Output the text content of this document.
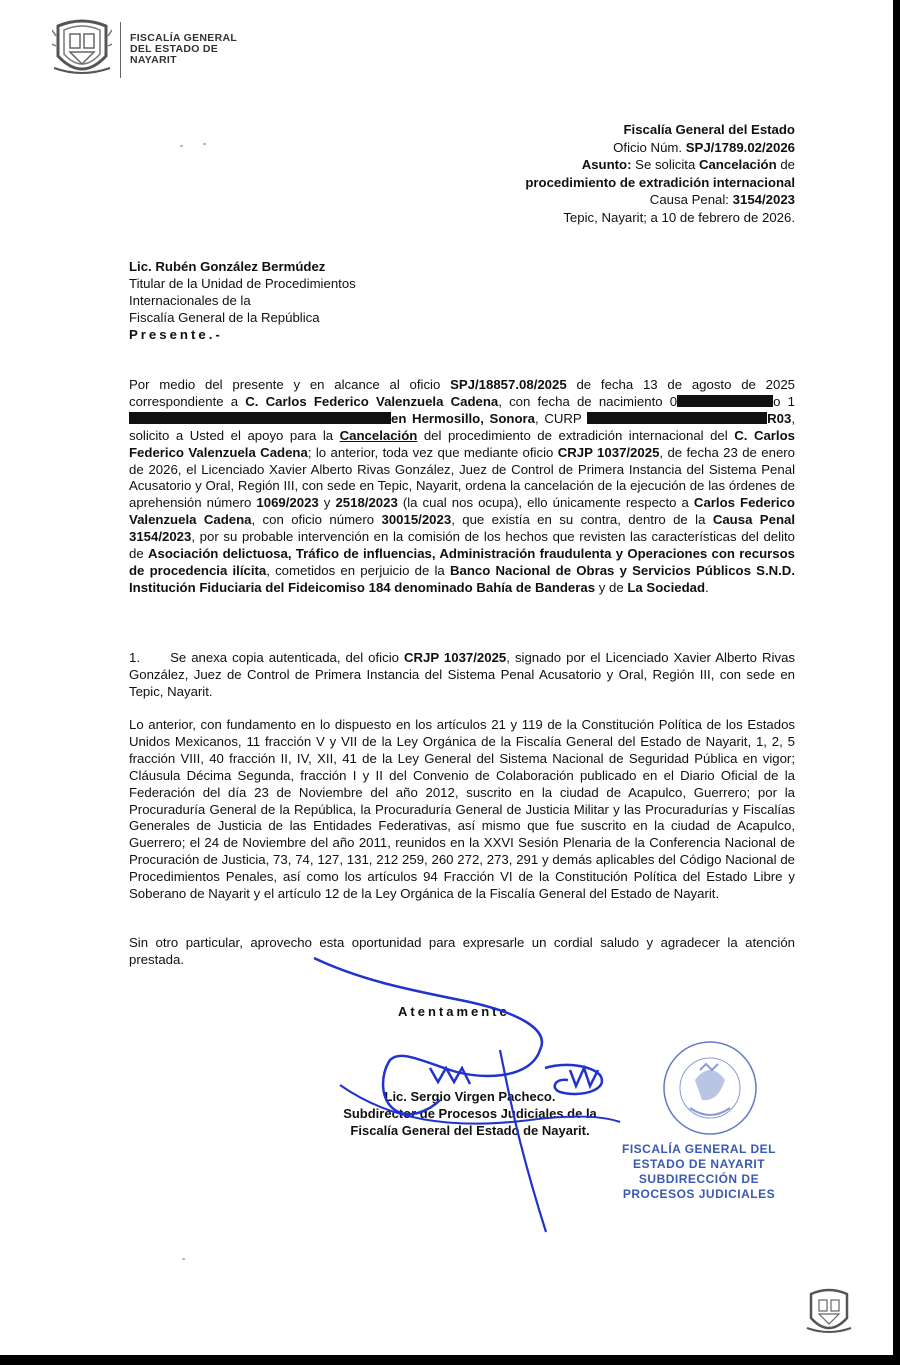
FISCALÍA GENERAL
DEL ESTADO DE
NAYARIT
Fiscalía General del Estado
Oficio Núm. SPJ/1789.02/2026
Asunto: Se solicita Cancelación de
procedimiento de extradición internacional
Causa Penal: 3154/2023
Tepic, Nayarit; a 10 de febrero de 2026.
Lic. Rubén González Bermúdez
Titular de la Unidad de Procedimientos
Internacionales de la
Fiscalía General de la República
Presente.-
Por medio del presente y en alcance al oficio SPJ/18857.08/2025 de fecha 13 de agosto de 2025 correspondiente a C. Carlos Federico Valenzuela Cadena, con fecha de nacimiento 0	o 1en Hermosillo, Sonora, CURP	R03, solicito a Usted el apoyo para la Cancelación del procedimiento de extradición internacional del C. Carlos Federico Valenzuela Cadena; lo anterior, toda vez que mediante oficio CRJP 1037/2025, de fecha 23 de enero de 2026, el Licenciado Xavier Alberto Rivas González, Juez de Control de Primera Instancia del Sistema Penal Acusatorio y Oral, Región III, con sede en Tepic, Nayarit, ordena la cancelación de la ejecución de las órdenes de aprehensión número 1069/2023 y 2518/2023 (la cual nos ocupa), ello únicamente respecto a Carlos Federico Valenzuela Cadena, con oficio número 30015/2023, que existía en su contra, dentro de la Causa Penal 3154/2023, por su probable intervención en la comisión de los hechos que revisten las características del delito de Asociación delictuosa, Tráfico de influencias, Administración fraudulenta y Operaciones con recursos de procedencia ilícita, cometidos en perjuicio de la Banco Nacional de Obras y Servicios Públicos S.N.D. Institución Fiduciaria del Fideicomiso 184 denominado Bahía de Banderas y de La Sociedad.
1.      Se anexa copia autenticada, del oficio CRJP 1037/2025, signado por el Licenciado Xavier Alberto Rivas González, Juez de Control de Primera Instancia del Sistema Penal Acusatorio y Oral, Región III, con sede en Tepic, Nayarit.
Lo anterior, con fundamento en lo dispuesto en los artículos 21 y 119 de la Constitución Política de los Estados Unidos Mexicanos, 11 fracción V y VII de la Ley Orgánica de la Fiscalía General del Estado de Nayarit, 1, 2, 5 fracción VIII, 40 fracción II, IV, XII, 41 de la Ley General del Sistema Nacional de Seguridad Pública en vigor; Cláusula Décima Segunda, fracción I y II del Convenio de Colaboración publicado en el Diario Oficial de la Federación del día 23 de Noviembre del año 2012, suscrito en la ciudad de Acapulco, Guerrero; por la Procuraduría General de la República, la Procuraduría General de Justicia Militar y las Procuradurías y Fiscalías Generales de Justicia de las Entidades Federativas, así mismo que fue suscrito en la ciudad de Acapulco, Guerrero; el 24 de Noviembre del año 2011, reunidos en la XXVI Sesión Plenaria de la Conferencia Nacional de Procuración de Justicia, 73, 74, 127, 131, 212 259, 260 272, 273, 291 y demás aplicables del Código Nacional de Procedimientos Penales, así como los artículos 94 Fracción VI de la Constitución Política del Estado Libre y Soberano de Nayarit y el artículo 12 de la Ley Orgánica de la Fiscalía General del Estado de Nayarit.
Sin otro particular, aprovecho esta oportunidad para expresarle un cordial saludo y agradecer la atención prestada.
Atentamente
Lic. Sergio Virgen Pacheco.
Subdirector de Procesos Judiciales de la
Fiscalía General del Estado de Nayarit.
FISCALÍA GENERAL DEL
ESTADO DE NAYARIT
SUBDIRECCIÓN DE
PROCESOS JUDICIALES
